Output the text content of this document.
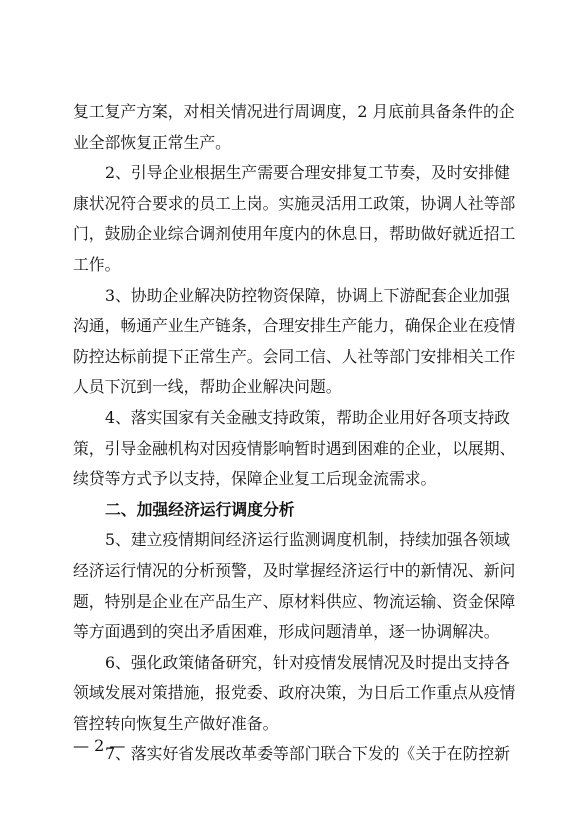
复工复产方案，对相关情况进行周调度，2 月底前具备条件的企
业全部恢复正常生产。
2、引导企业根据生产需要合理安排复工节奏，及时安排健
康状况符合要求的员工上岗。实施灵活用工政策，协调人社等部
门，鼓励企业综合调剂使用年度内的休息日，帮助做好就近招工
工作。
3、协助企业解决防控物资保障，协调上下游配套企业加强
沟通，畅通产业生产链条，合理安排生产能力，确保企业在疫情
防控达标前提下正常生产。会同工信、人社等部门安排相关工作
人员下沉到一线，帮助企业解决问题。
4、落实国家有关金融支持政策，帮助企业用好各项支持政
策，引导金融机构对因疫情影响暂时遇到困难的企业，以展期、
续贷等方式予以支持，保障企业复工后现金流需求。
二、加强经济运行调度分析
5、建立疫情期间经济运行监测调度机制，持续加强各领域
经济运行情况的分析预警，及时掌握经济运行中的新情况、新问
题，特别是企业在产品生产、原材料供应、物流运输、资金保障
等方面遇到的突出矛盾困难，形成问题清单，逐一协调解决。
6、强化政策储备研究，针对疫情发展情况及时提出支持各
领域发展对策措施，报党委、政府决策，为日后工作重点从疫情
管控转向恢复生产做好准备。
7、落实好省发展改革委等部门联合下发的《关于在防控新
— 2 —
